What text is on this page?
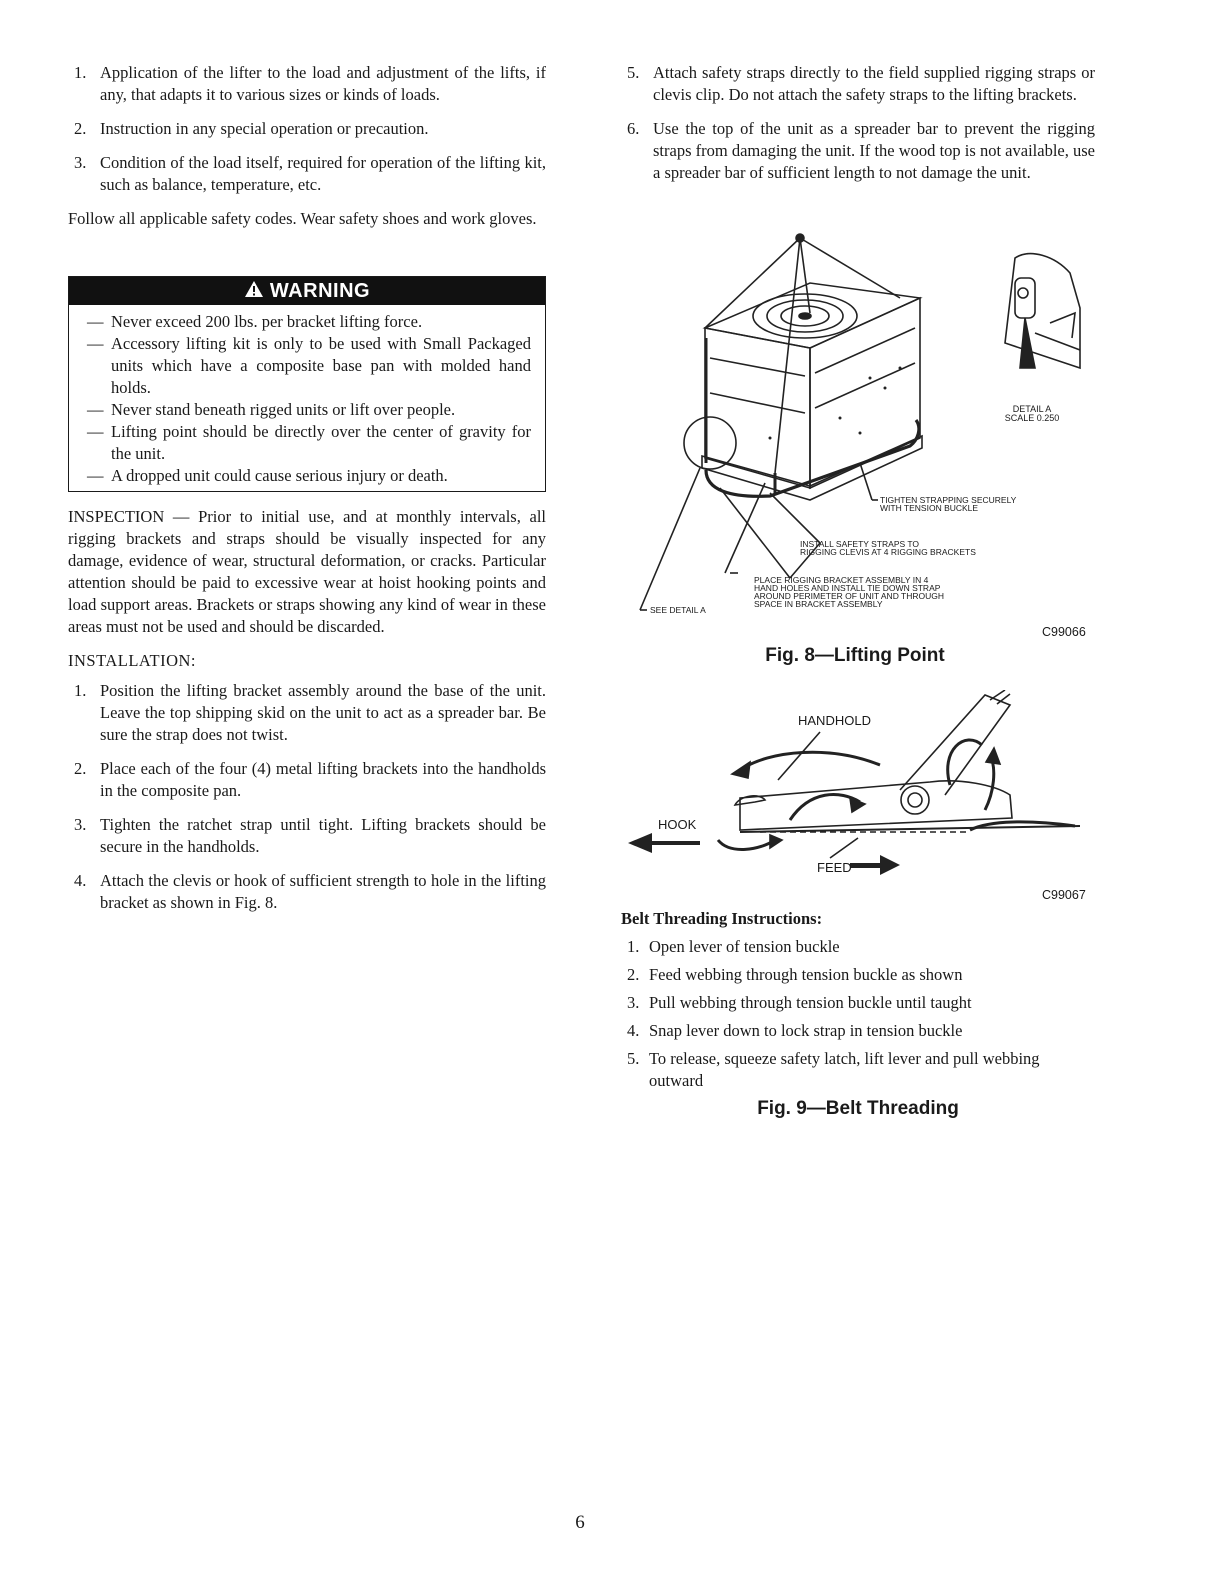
1. Application of the lifter to the load and adjustment of the lifts, if any, that adapts it to various sizes or kinds of loads.
2. Instruction in any special operation or precaution.
3. Condition of the load itself, required for operation of the lifting kit, such as balance, temperature, etc.

Follow all applicable safety codes. Wear safety shoes and work gloves.

WARNING
— Never exceed 200 lbs. per bracket lifting force.
— Accessory lifting kit is only to be used with Small Packaged units which have a composite base pan with molded hand holds.
— Never stand beneath rigged units or lift over people.
— Lifting point should be directly over the center of gravity for the unit.
— A dropped unit could cause serious injury or death.

INSPECTION — Prior to initial use, and at monthly intervals, all rigging brackets and straps should be visually inspected for any damage, evidence of wear, structural deformation, or cracks. Particular attention should be paid to excessive wear at hoist hooking points and load support areas. Brackets or straps showing any kind of wear in these areas must not be used and should be discarded.

INSTALLATION:
1. Position the lifting bracket assembly around the base of the unit. Leave the top shipping skid on the unit to act as a spreader bar. Be sure the strap does not twist.
2. Place each of the four (4) metal lifting brackets into the handholds in the composite pan.
3. Tighten the ratchet strap until tight. Lifting brackets should be secure in the handholds.
4. Attach the clevis or hook of sufficient strength to hole in the lifting bracket as shown in Fig. 8.
5. Attach safety straps directly to the field supplied rigging straps or clevis clip. Do not attach the safety straps to the lifting brackets.
6. Use the top of the unit as a spreader bar to prevent the rigging straps from damaging the unit. If the wood top is not available, use a spreader bar of sufficient length to not damage the unit.
DETAIL A
SCALE 0.250
TIGHTEN STRAPPING SECURELY
WITH TENSION BUCKLE
INSTALL SAFETY STRAPS TO
RIGGING CLEVIS AT 4 RIGGING BRACKETS
PLACE RIGGING BRACKET ASSEMBLY IN 4
HAND HOLES AND INSTALL TIE DOWN STRAP
AROUND PERIMETER OF UNIT AND THROUGH
SPACE IN BRACKET ASSEMBLY
SEE DETAIL A
C99066
Fig. 8—Lifting Point
HANDHOLD
HOOK
FEED
C99067
Belt Threading Instructions:
1. Open lever of tension buckle
2. Feed webbing through tension buckle as shown
3. Pull webbing through tension buckle until taught
4. Snap lever down to lock strap in tension buckle
5. To release, squeeze safety latch, lift lever and pull webbing outward
Fig. 9—Belt Threading
6
